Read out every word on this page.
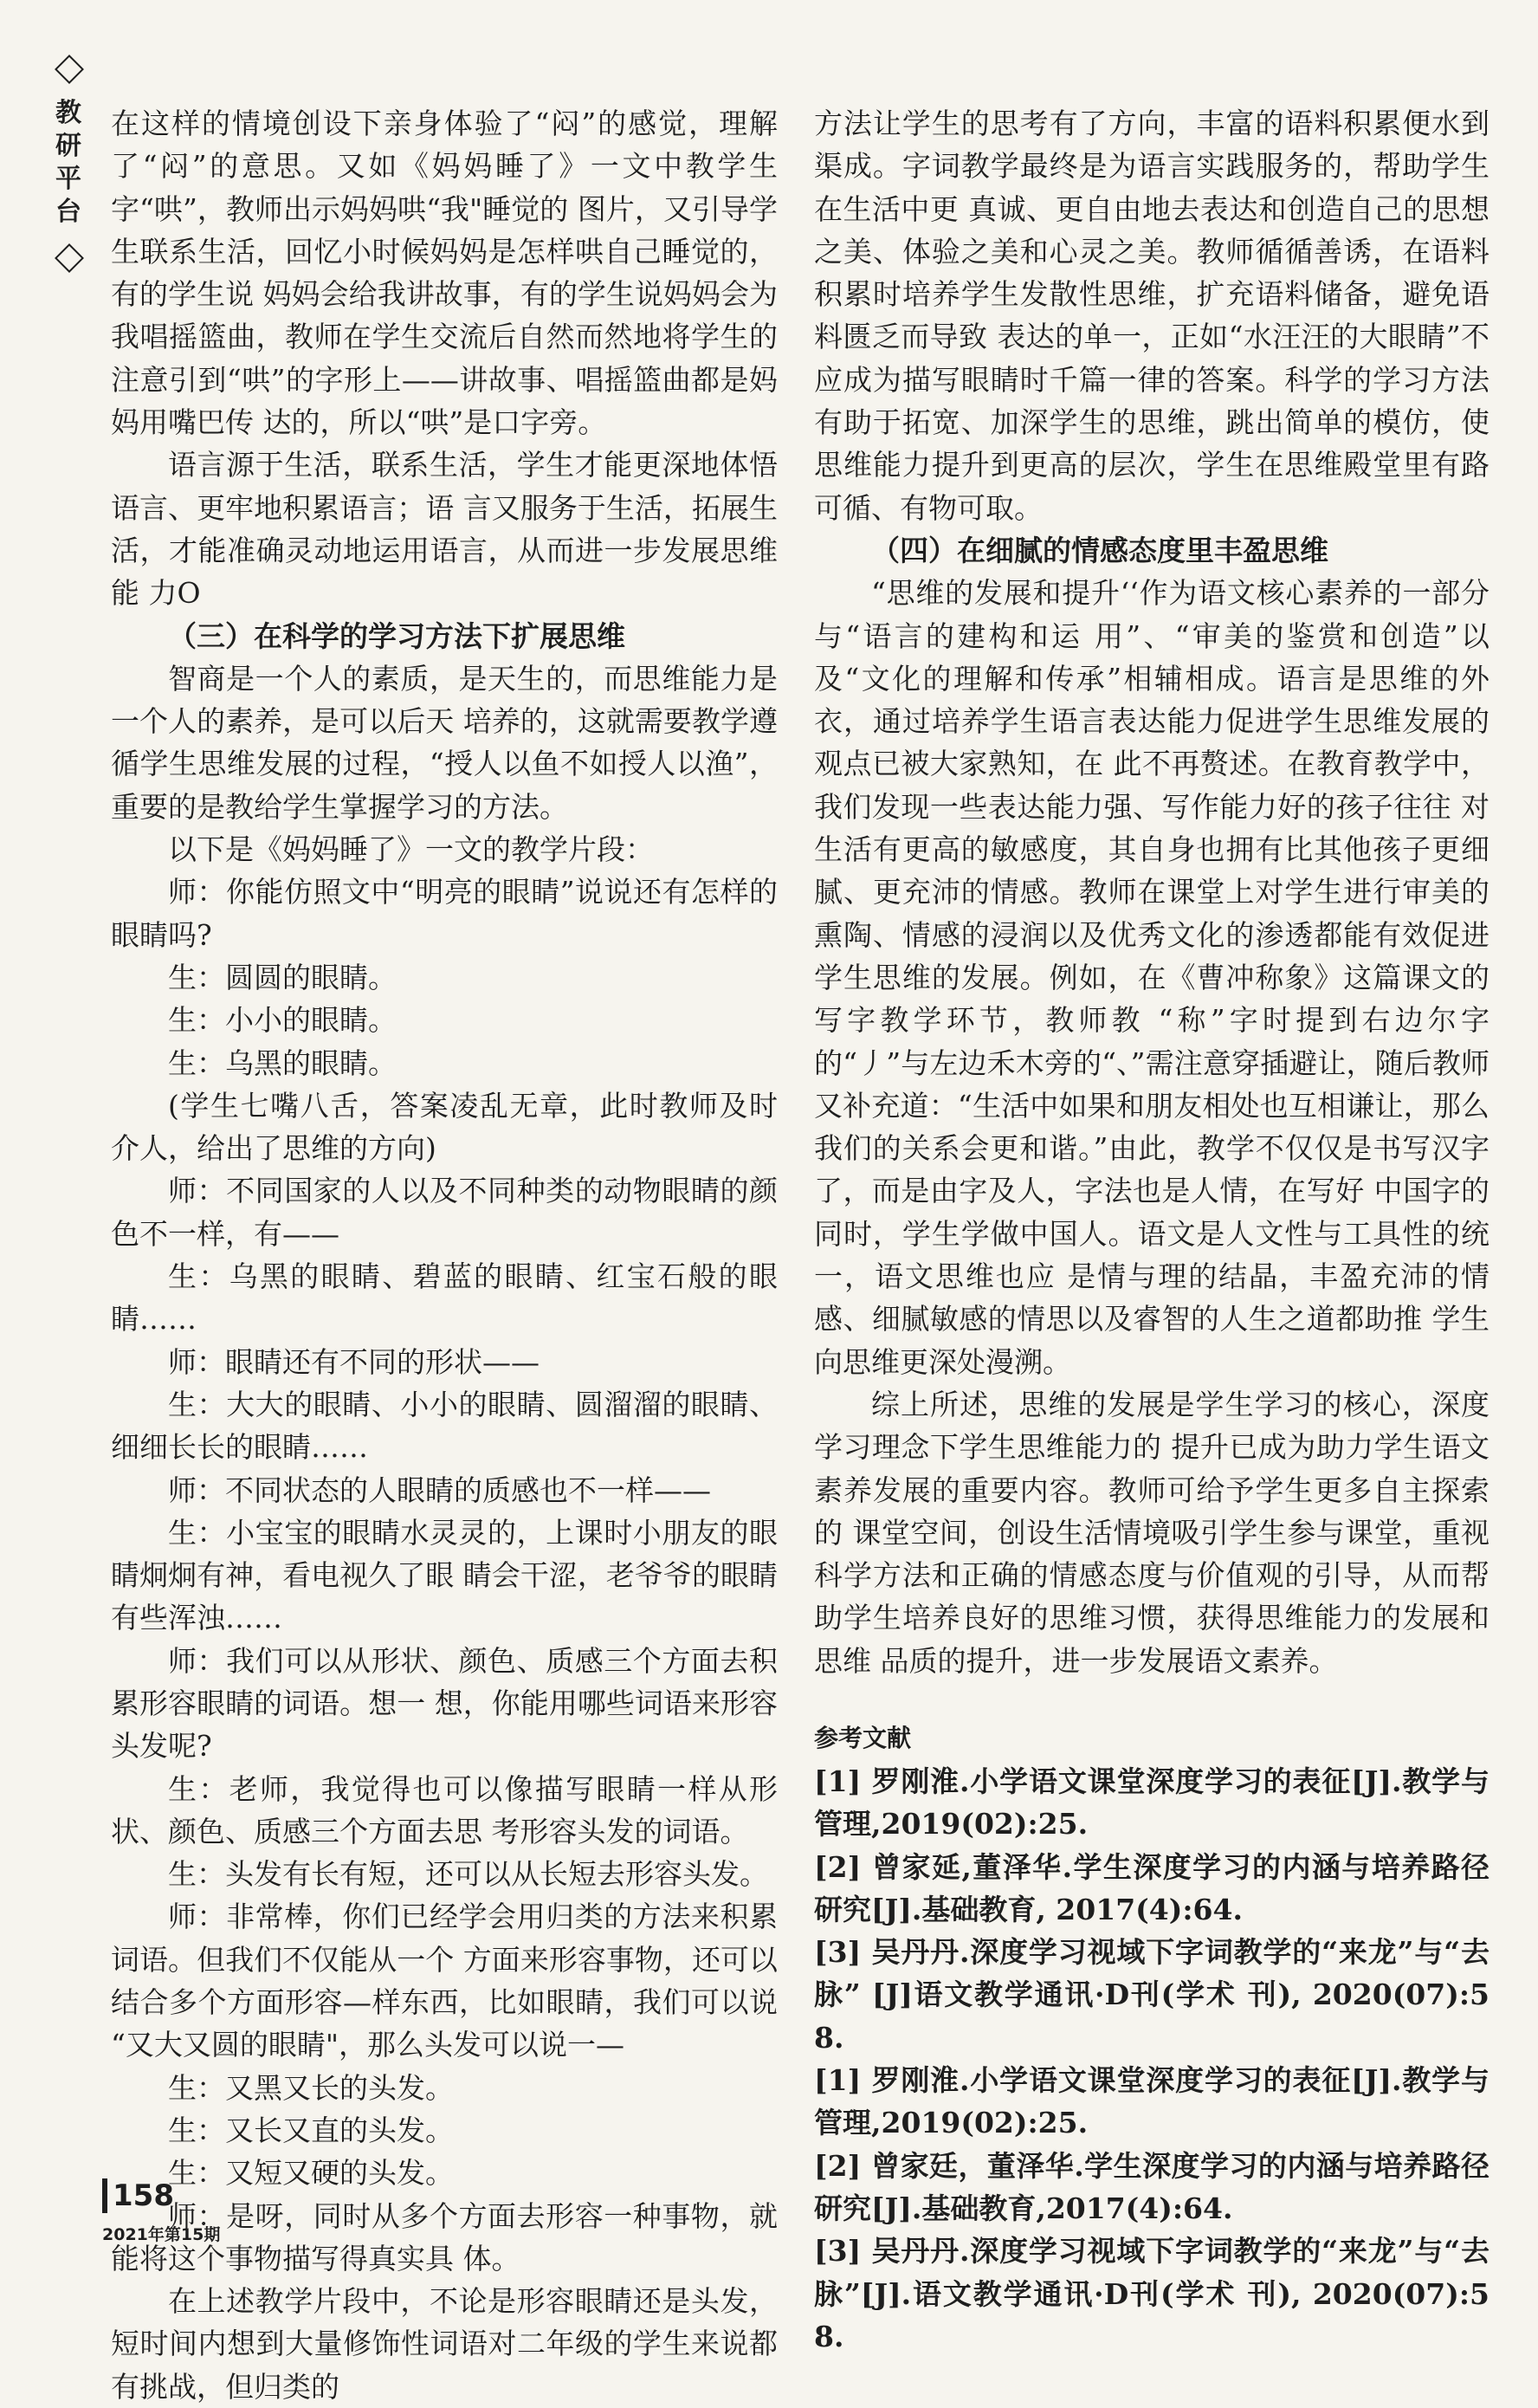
教
研
平
台

在这样的情境创设下亲身体验了“闷”的感觉，理解了“闷”的意思。又如《妈妈睡了》一文中教学生字“哄”，教师出示妈妈哄“我"睡觉的 图片，又引导学生联系生活，回忆小时候妈妈是怎样哄自己睡觉的，有的学生说 妈妈会给我讲故事，有的学生说妈妈会为我唱摇篮曲，教师在学生交流后自然而然地将学生的注意引到“哄”的字形上——讲故事、唱摇篮曲都是妈妈用嘴巴传 达的，所以“哄”是口字旁。

语言源于生活，联系生活，学生才能更深地体悟语言、更牢地积累语言；语 言又服务于生活，拓展生活，才能准确灵动地运用语言，从而进一步发展思维能 力O

（三）在科学的学习方法下扩展思维

智商是一个人的素质，是天生的，而思维能力是一个人的素养，是可以后天 培养的，这就需要教学遵循学生思维发展的过程，“授人以鱼不如授人以渔”，重要的是教给学生掌握学习的方法。

以下是《妈妈睡了》一文的教学片段：

师：你能仿照文中“明亮的眼睛”说说还有怎样的眼睛吗?

生：圆圆的眼睛。

生：小小的眼睛。

生：乌黑的眼睛。

(学生七嘴八舌，答案凌乱无章，此时教师及时介人，给出了思维的方向)

师：不同国家的人以及不同种类的动物眼睛的颜色不一样，有——

生：乌黑的眼睛、碧蓝的眼睛、红宝石般的眼睛……

师：眼睛还有不同的形状——

生：大大的眼睛、小小的眼睛、圆溜溜的眼睛、细细长长的眼睛……

师：不同状态的人眼睛的质感也不一样——

生：小宝宝的眼睛水灵灵的，上课时小朋友的眼睛炯炯有神，看电视久了眼 睛会干涩，老爷爷的眼睛有些浑浊……

师：我们可以从形状、颜色、质感三个方面去积累形容眼睛的词语。想一 想，你能用哪些词语来形容头发呢?

生：老师，我觉得也可以像描写眼睛一样从形状、颜色、质感三个方面去思 考形容头发的词语。

生：头发有长有短，还可以从长短去形容头发。

师：非常棒，你们已经学会用归类的方法来积累词语。但我们不仅能从一个 方面来形容事物，还可以结合多个方面形容—样东西，比如眼睛，我们可以说 “又大又圆的眼睛"，那么头发可以说一—

生：又黑又长的头发。

生：又长又直的头发。

生：又短又硬的头发。

师：是呀，同时从多个方面去形容一种事物，就能将这个事物描写得真实具 体。

在上述教学片段中，不论是形容眼睛还是头发，短时间内想到大量修饰性词语对二年级的学生来说都有挑战，但归类的

方法让学生的思考有了方向，丰富的语料积累便水到渠成。字词教学最终是为语言实践服务的，帮助学生在生活中更 真诚、更自由地去表达和创造自己的思想之美、体验之美和心灵之美。教师循循善诱，在语料积累时培养学生发散性思维，扩充语料储备，避免语料匮乏而导致 表达的单一，正如“水汪汪的大眼睛”不应成为描写眼睛时千篇一律的答案。科学的学习方法有助于拓宽、加深学生的思维，跳出简单的模仿，使思维能力提升到更高的层次，学生在思维殿堂里有路可循、有物可取。

（四）在细腻的情感态度里丰盈思维

“思维的发展和提升‘‘作为语文核心素养的一部分与“语言的建构和运 用”、“审美的鉴赏和创造”以及“文化的理解和传承”相辅相成。语言是思维的外衣，通过培养学生语言表达能力促进学生思维发展的观点已被大家熟知，在 此不再赘述。在教育教学中，我们发现一些表达能力强、写作能力好的孩子往往 对生活有更高的敏感度，其自身也拥有比其他孩子更细腻、更充沛的情感。教师在课堂上对学生进行审美的熏陶、情感的浸润以及优秀文化的渗透都能有效促进学生思维的发展。例如，在《曹冲称象》这篇课文的写字教学环节，教师教 “称”字时提到右边尔字的“丿”与左边禾木旁的“、”需注意穿插避让，随后教师又补充道：“生活中如果和朋友相处也互相谦让，那么我们的关系会更和谐。”由此，教学不仅仅是书写汉字了，而是由字及人，字法也是人情，在写好 中国字的同时，学生学做中国人。语文是人文性与工具性的统一，语文思维也应 是情与理的结晶，丰盈充沛的情感、细腻敏感的情思以及睿智的人生之道都助推 学生向思维更深处漫溯。

综上所述，思维的发展是学生学习的核心，深度学习理念下学生思维能力的 提升已成为助力学生语文素养发展的重要内容。教师可给予学生更多自主探索的 课堂空间，创设生活情境吸引学生参与课堂，重视科学方法和正确的情感态度与价值观的引导，从而帮助学生培养良好的思维习惯，获得思维能力的发展和思维 品质的提升，进一步发展语文素养。

参考文献

[1] 罗刚淮.小学语文课堂深度学习的表征[J].教学与管理,2019(02):25.

[2] 曾家延,董泽华.学生深度学习的内涵与培养路径研究[J].基础教育, 2017(4):64.

[3] 吴丹丹.深度学习视域下字词教学的“来龙”与“去脉” [J]语文教学通讯·D刊(学术 刊), 2020(07):58.

[1] 罗刚淮.小学语文课堂深度学习的表征[J].教学与管理,2019(02):25.

[2] 曾家廷，董泽华.学生深度学习的内涵与培养路径研究[J].基础教育,2017(4):64.

[3] 吴丹丹.深度学习视域下字词教学的“来龙”与“去脉”[J].语文教学通讯·D刊(学术 刊), 2020(07):58.

158
2021年第15期
